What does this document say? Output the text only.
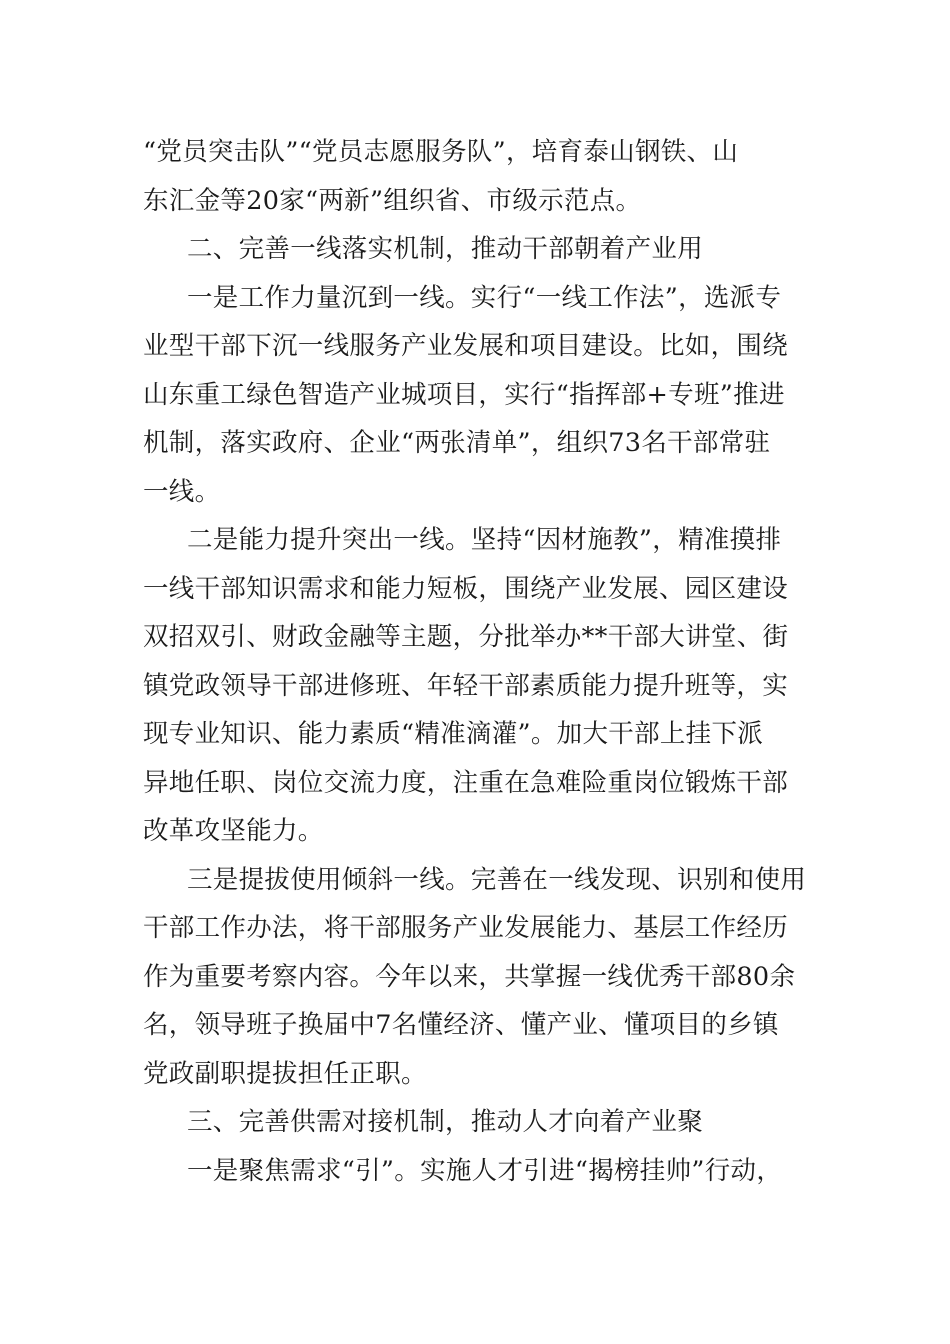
“党员突击队”“党员志愿服务队”，培育泰山钢铁、山
东汇金等20家“两新”组织省、市级示范点。

二、完善一线落实机制，推动干部朝着产业用

一是工作力量沉到一线。实行“一线工作法”，选派专
业型干部下沉一线服务产业发展和项目建设。比如，围绕
山东重工绿色智造产业城项目，实行“指挥部+专班”推进
机制，落实政府、企业“两张清单”，组织73名干部常驻
一线。

二是能力提升突出一线。坚持“因材施教”，精准摸排
一线干部知识需求和能力短板，围绕产业发展、园区建设
双招双引、财政金融等主题，分批举办**干部大讲堂、街
镇党政领导干部进修班、年轻干部素质能力提升班等，实
现专业知识、能力素质“精准滴灌”。加大干部上挂下派
异地任职、岗位交流力度，注重在急难险重岗位锻炼干部
改革攻坚能力。

三是提拔使用倾斜一线。完善在一线发现、识别和使用
干部工作办法，将干部服务产业发展能力、基层工作经历
作为重要考察内容。今年以来，共掌握一线优秀干部80余
名，领导班子换届中7名懂经济、懂产业、懂项目的乡镇
党政副职提拔担任正职。

三、完善供需对接机制，推动人才向着产业聚

一是聚焦需求“引”。实施人才引进“揭榜挂帅”行动，
